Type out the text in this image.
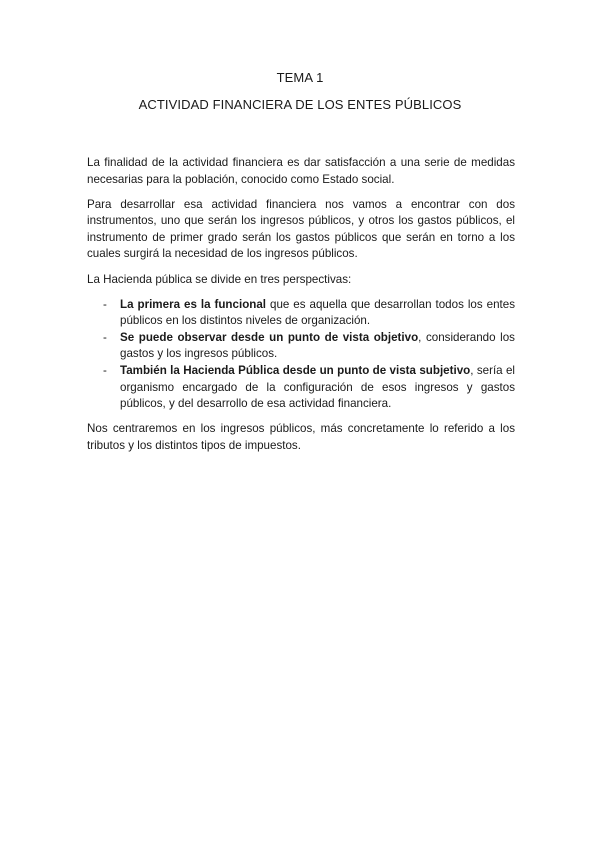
TEMA 1
ACTIVIDAD FINANCIERA DE LOS ENTES PÚBLICOS

La finalidad de la actividad financiera es dar satisfacción a una serie de medidas necesarias para la población, conocido como Estado social.

Para desarrollar esa actividad financiera nos vamos a encontrar con dos instrumentos, uno que serán los ingresos públicos, y otros los gastos públicos, el instrumento de primer grado serán los gastos públicos que serán en torno a los cuales surgirá la necesidad de los ingresos públicos.

La Hacienda pública se divide en tres perspectivas:

- La primera es la funcional que es aquella que desarrollan todos los entes públicos en los distintos niveles de organización.
- Se puede observar desde un punto de vista objetivo, considerando los gastos y los ingresos públicos.
- También la Hacienda Pública desde un punto de vista subjetivo, sería el organismo encargado de la configuración de esos ingresos y gastos públicos, y del desarrollo de esa actividad financiera.

Nos centraremos en los ingresos públicos, más concretamente lo referido a los tributos y los distintos tipos de impuestos.
